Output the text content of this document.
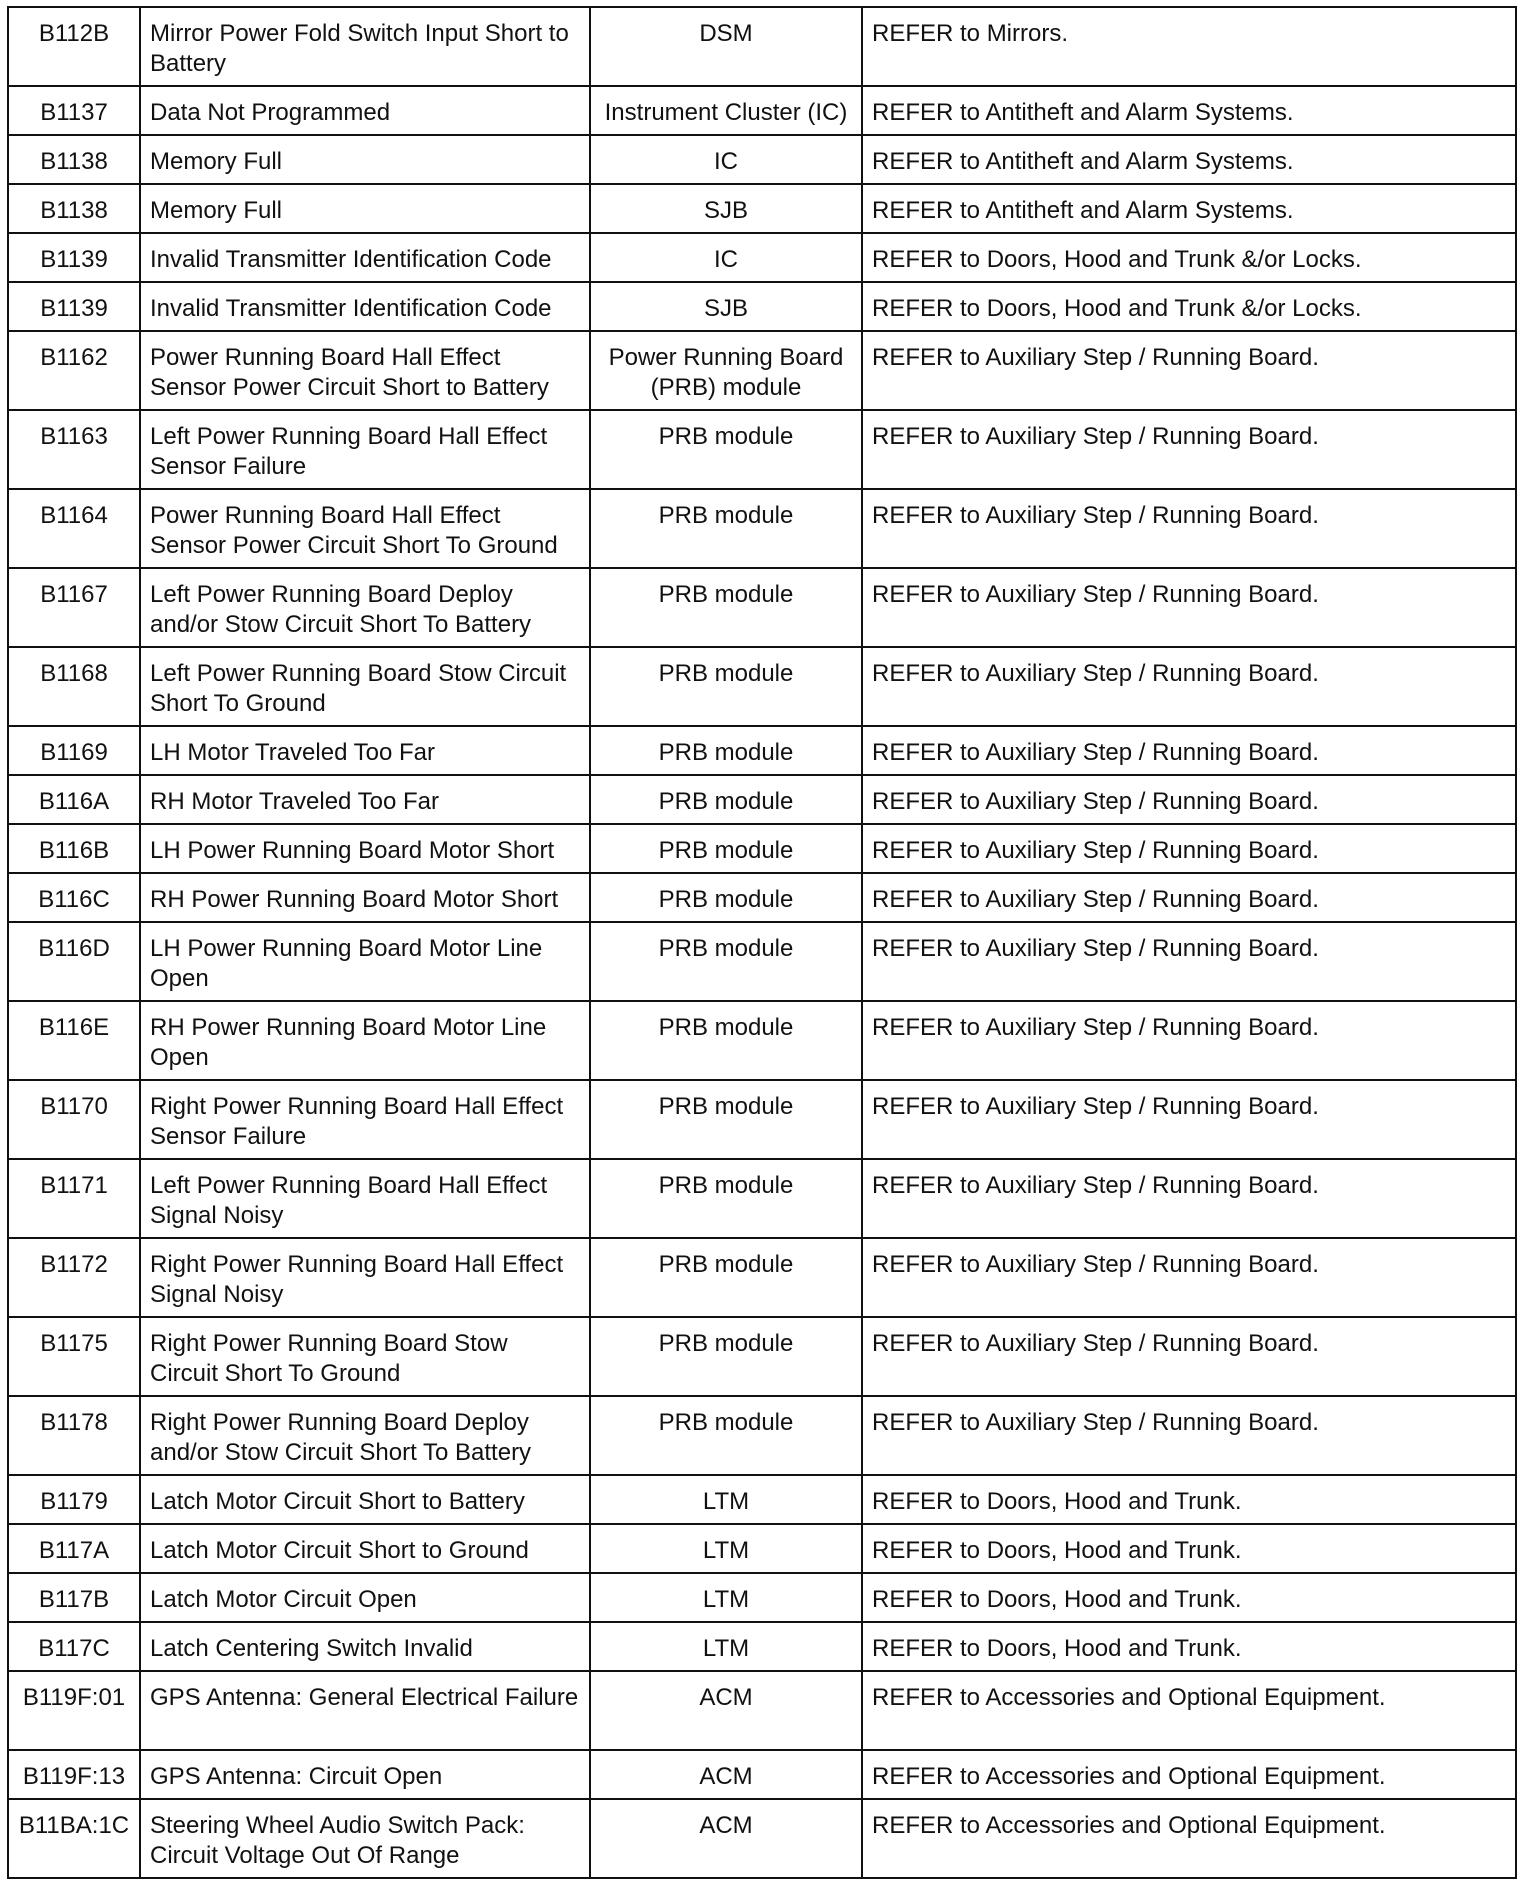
B112B	Mirror Power Fold Switch Input Short to Battery	DSM	REFER to Mirrors.
B1137	Data Not Programmed	Instrument Cluster (IC)	REFER to Antitheft and Alarm Systems.
B1138	Memory Full	IC	REFER to Antitheft and Alarm Systems.
B1138	Memory Full	SJB	REFER to Antitheft and Alarm Systems.
B1139	Invalid Transmitter Identification Code	IC	REFER to Doors, Hood and Trunk &/or Locks.
B1139	Invalid Transmitter Identification Code	SJB	REFER to Doors, Hood and Trunk &/or Locks.
B1162	Power Running Board Hall Effect Sensor Power Circuit Short to Battery	Power Running Board (PRB) module	REFER to Auxiliary Step / Running Board.
B1163	Left Power Running Board Hall Effect Sensor Failure	PRB module	REFER to Auxiliary Step / Running Board.
B1164	Power Running Board Hall Effect Sensor Power Circuit Short To Ground	PRB module	REFER to Auxiliary Step / Running Board.
B1167	Left Power Running Board Deploy and/or Stow Circuit Short To Battery	PRB module	REFER to Auxiliary Step / Running Board.
B1168	Left Power Running Board Stow Circuit Short To Ground	PRB module	REFER to Auxiliary Step / Running Board.
B1169	LH Motor Traveled Too Far	PRB module	REFER to Auxiliary Step / Running Board.
B116A	RH Motor Traveled Too Far	PRB module	REFER to Auxiliary Step / Running Board.
B116B	LH Power Running Board Motor Short	PRB module	REFER to Auxiliary Step / Running Board.
B116C	RH Power Running Board Motor Short	PRB module	REFER to Auxiliary Step / Running Board.
B116D	LH Power Running Board Motor Line Open	PRB module	REFER to Auxiliary Step / Running Board.
B116E	RH Power Running Board Motor Line Open	PRB module	REFER to Auxiliary Step / Running Board.
B1170	Right Power Running Board Hall Effect Sensor Failure	PRB module	REFER to Auxiliary Step / Running Board.
B1171	Left Power Running Board Hall Effect Signal Noisy	PRB module	REFER to Auxiliary Step / Running Board.
B1172	Right Power Running Board Hall Effect Signal Noisy	PRB module	REFER to Auxiliary Step / Running Board.
B1175	Right Power Running Board Stow Circuit Short To Ground	PRB module	REFER to Auxiliary Step / Running Board.
B1178	Right Power Running Board Deploy and/or Stow Circuit Short To Battery	PRB module	REFER to Auxiliary Step / Running Board.
B1179	Latch Motor Circuit Short to Battery	LTM	REFER to Doors, Hood and Trunk.
B117A	Latch Motor Circuit Short to Ground	LTM	REFER to Doors, Hood and Trunk.
B117B	Latch Motor Circuit Open	LTM	REFER to Doors, Hood and Trunk.
B117C	Latch Centering Switch Invalid	LTM	REFER to Doors, Hood and Trunk.
B119F:01	GPS Antenna: General Electrical Failure	ACM	REFER to Accessories and Optional Equipment.
B119F:13	GPS Antenna: Circuit Open	ACM	REFER to Accessories and Optional Equipment.
B11BA:1C	Steering Wheel Audio Switch Pack: Circuit Voltage Out Of Range	ACM	REFER to Accessories and Optional Equipment.
